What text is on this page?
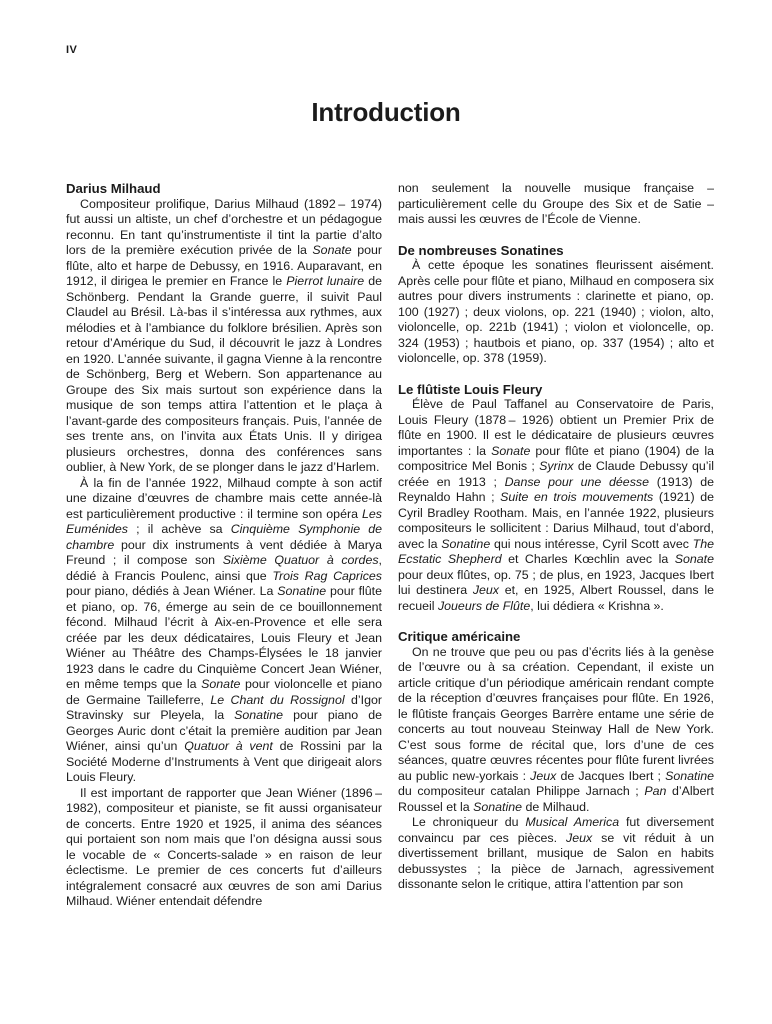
IV
Introduction
Darius Milhaud

Compositeur prolifique, Darius Milhaud (1892 – 1974) fut aussi un altiste, un chef d’orchestre et un pédagogue reconnu. En tant qu’instrumentiste il tint la partie d’alto lors de la première exécution privée de la Sonate pour flûte, alto et harpe de Debussy, en 1916. Auparavant, en 1912, il dirigea le premier en France le Pierrot lunaire de Schönberg. Pendant la Grande guerre, il suivit Paul Claudel au Brésil. Là-bas il s’intéressa aux rythmes, aux mélodies et à l’ambiance du folklore brésilien. Après son retour d’Amérique du Sud, il découvrit le jazz à Londres en 1920. L’année suivante, il gagna Vienne à la rencontre de Schönberg, Berg et Webern. Son appartenance au Groupe des Six mais surtout son expérience dans la musique de son temps attira l’attention et le plaça à l’avant-garde des compositeurs français. Puis, l’année de ses trente ans, on l’invita aux États Unis. Il y dirigea plusieurs orchestres, donna des conférences sans oublier, à New York, de se plonger dans le jazz d’Harlem.

À la fin de l’année 1922, Milhaud compte à son actif une dizaine d’œuvres de chambre mais cette année-là est particulièrement productive : il termine son opéra Les Euménides ; il achève sa Cinquième Symphonie de chambre pour dix instruments à vent dédiée à Marya Freund ; il compose son Sixième Quatuor à cordes, dédié à Francis Poulenc, ainsi que Trois Rag Caprices pour piano, dédiés à Jean Wiéner. La Sonatine pour flûte et piano, op. 76, émerge au sein de ce bouillonnement fécond. Milhaud l’écrit à Aix-en-Provence et elle sera créée par les deux dédicataires, Louis Fleury et Jean Wiéner au Théâtre des Champs-Élysées le 18 janvier 1923 dans le cadre du Cinquième Concert Jean Wiéner, en même temps que la Sonate pour violoncelle et piano de Germaine Tailleferre, Le Chant du Rossignol d’Igor Stravinsky sur Pleyela, la Sonatine pour piano de Georges Auric dont c’était la première audition par Jean Wiéner, ainsi qu’un Quatuor à vent de Rossini par la Société Moderne d’Instruments à Vent que dirigeait alors Louis Fleury.

Il est important de rapporter que Jean Wiéner (1896 – 1982), compositeur et pianiste, se fit aussi organisateur de concerts. Entre 1920 et 1925, il anima des séances qui portaient son nom mais que l’on désigna aussi sous le vocable de « Concerts-salade » en raison de leur éclectisme. Le premier de ces concerts fut d’ailleurs intégralement consacré aux œuvres de son ami Darius Milhaud. Wiéner entendait défendre

non seulement la nouvelle musique française – particulièrement celle du Groupe des Six et de Satie – mais aussi les œuvres de l’École de Vienne.

De nombreuses Sonatines

À cette époque les sonatines fleurissent aisément. Après celle pour flûte et piano, Milhaud en composera six autres pour divers instruments : clarinette et piano, op. 100 (1927) ; deux violons, op. 221 (1940) ; violon, alto, violoncelle, op. 221b (1941) ; violon et violoncelle, op. 324 (1953) ; hautbois et piano, op. 337 (1954) ; alto et violoncelle, op. 378 (1959).

Le flûtiste Louis Fleury

Élève de Paul Taffanel au Conservatoire de Paris, Louis Fleury (1878 – 1926) obtient un Premier Prix de flûte en 1900. Il est le dédicataire de plusieurs œuvres importantes : la Sonate pour flûte et piano (1904) de la compositrice Mel Bonis ; Syrinx de Claude Debussy qu’il créée en 1913 ; Danse pour une déesse (1913) de Reynaldo Hahn ; Suite en trois mouvements (1921) de Cyril Bradley Rootham. Mais, en l’année 1922, plusieurs compositeurs le sollicitent : Darius Milhaud, tout d’abord, avec la Sonatine qui nous intéresse, Cyril Scott avec The Ecstatic Shepherd et Charles Kœchlin avec la Sonate pour deux flûtes, op. 75 ; de plus, en 1923, Jacques Ibert lui destinera Jeux et, en 1925, Albert Roussel, dans le recueil Joueurs de Flûte, lui dédiera « Krishna ».

Critique américaine

On ne trouve que peu ou pas d’écrits liés à la genèse de l’œuvre ou à sa création. Cependant, il existe un article critique d’un périodique américain rendant compte de la réception d’œuvres françaises pour flûte. En 1926, le flûtiste français Georges Barrère entame une série de concerts au tout nouveau Steinway Hall de New York. C’est sous forme de récital que, lors d’une de ces séances, quatre œuvres récentes pour flûte furent livrées au public new-yorkais : Jeux de Jacques Ibert ; Sonatine du compositeur catalan Philippe Jarnach ; Pan d’Albert Roussel et la Sonatine de Milhaud.

Le chroniqueur du Musical America fut diversement convaincu par ces pièces. Jeux se vit réduit à un divertissement brillant, musique de Salon en habits debussystes ; la pièce de Jarnach, agressivement dissonante selon le critique, attira l’attention par son
